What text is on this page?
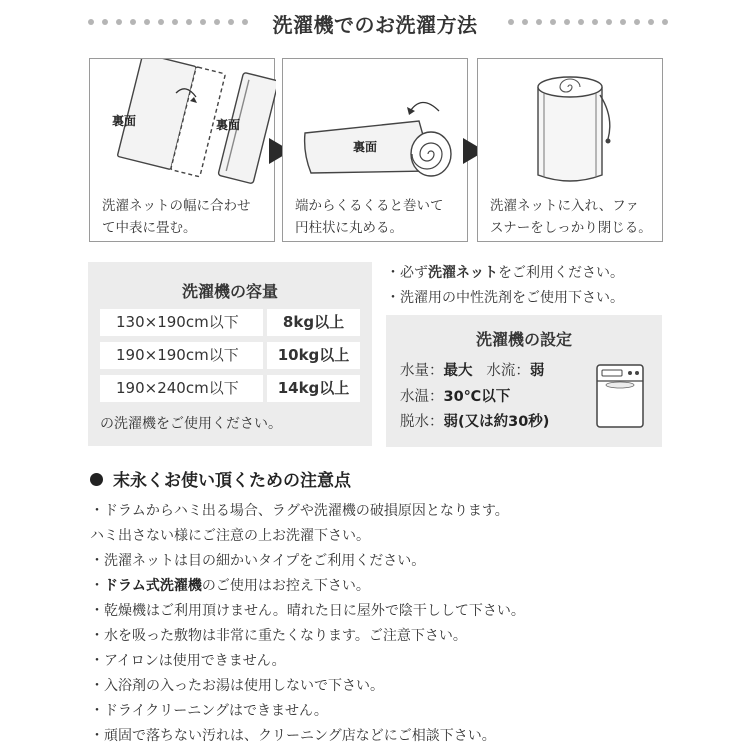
洗濯機でのお洗濯方法
裏面	裏面
洗濯ネットの幅に合わせ
て中表に畳む。
裏面
端からくるくると巻いて
円柱状に丸める。
洗濯ネットに入れ、ファ
スナーをしっかり閉じる。
洗濯機の容量
130×190cm以下	8kg以上
190×190cm以下	10kg以上
190×240cm以下	14kg以上
の洗濯機をご使用ください。
・必ず洗濯ネットをご利用ください。
・洗濯用の中性洗剤をご使用下さい。
洗濯機の設定
水量：最大 水流：弱
水温：30℃以下
脱水：弱(又は約30秒)
末永くお使い頂くための注意点
・ドラムからハミ出る場合、ラグや洗濯機の破損原因となります。
ハミ出さない様にご注意の上お洗濯下さい。
・洗濯ネットは目の細かいタイプをご利用ください。
・ドラム式洗濯機のご使用はお控え下さい。
・乾燥機はご利用頂けません。晴れた日に屋外で陰干しして下さい。
・水を吸った敷物は非常に重たくなります。ご注意下さい。
・アイロンは使用できません。
・入浴剤の入ったお湯は使用しないで下さい。
・ドライクリーニングはできません。
・頑固で落ちない汚れは、クリーニング店などにご相談下さい。
